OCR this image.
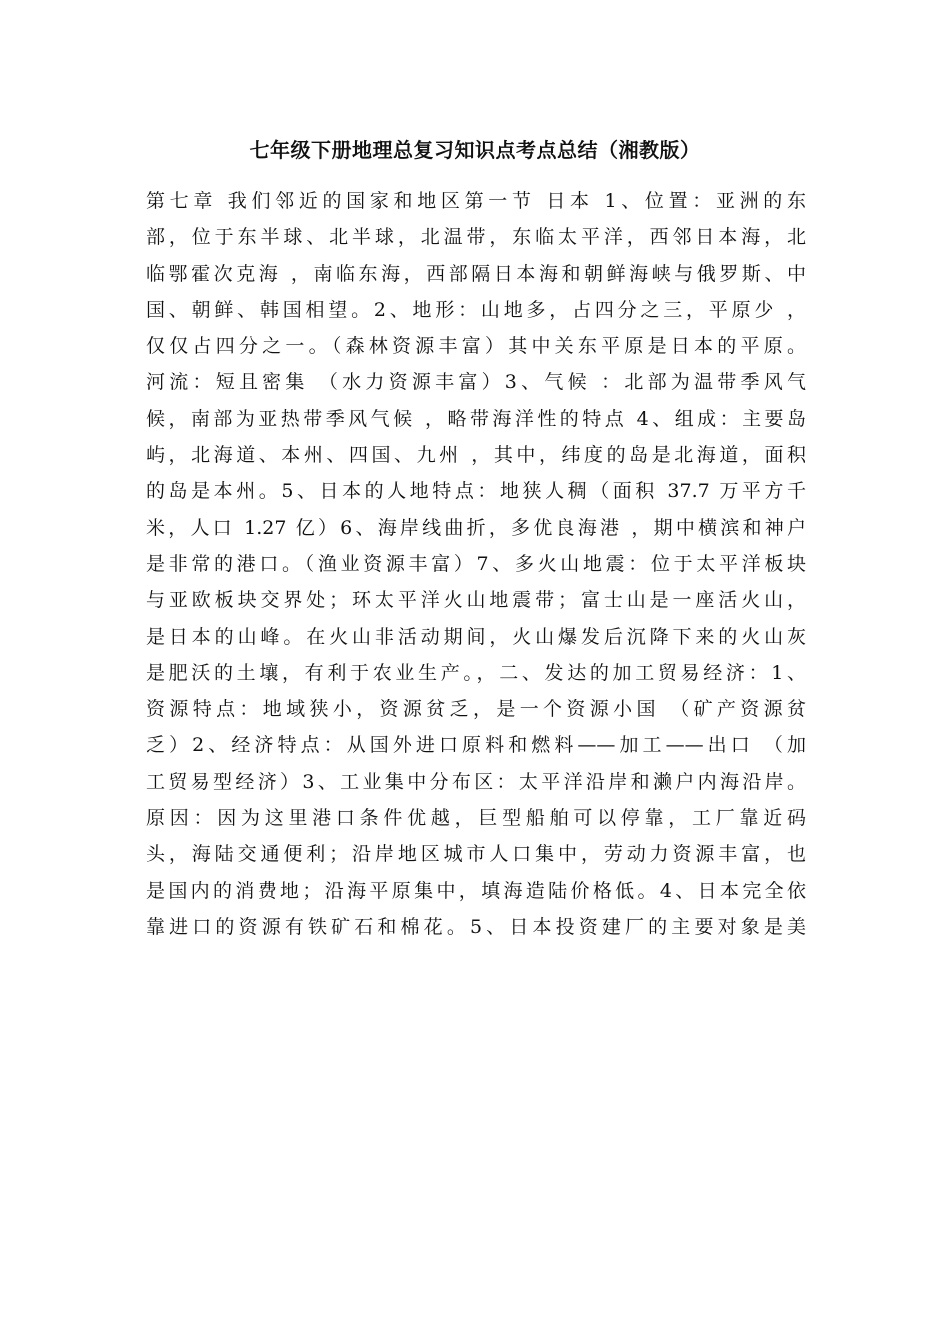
七年级下册地理总复习知识点考点总结（湘教版）
第七章 我们邻近的国家和地区第一节 日本 1、位置：亚洲的东
部，位于东半球、北半球，北温带，东临太平洋，西邻日本海，北
临鄂霍次克海 ，南临东海，西部隔日本海和朝鲜海峡与俄罗斯、中
国、朝鲜、韩国相望。2、地形：山地多，占四分之三，平原少 ，
仅仅占四分之一。（森林资源丰富）其中关东平原是日本的平原。
河流：短且密集 （水力资源丰富）3、气候 ：北部为温带季风气
候，南部为亚热带季风气候 ，略带海洋性的特点 4、组成：主要岛
屿，北海道、本州、四国、九州 ，其中，纬度的岛是北海道，面积
的岛是本州。5、日本的人地特点：地狭人稠（面积 37.7 万平方千
米，人口 1.27 亿）6、海岸线曲折，多优良海港 ，期中横滨和神户
是非常的港口。（渔业资源丰富）7、多火山地震：位于太平洋板块
与亚欧板块交界处；环太平洋火山地震带；富士山是一座活火山，
是日本的山峰。在火山非活动期间，火山爆发后沉降下来的火山灰
是肥沃的土壤，有利于农业生产。，二、发达的加工贸易经济：1、
资源特点：地域狭小，资源贫乏，是一个资源小国 （矿产资源贫
乏）2、经济特点：从国外进口原料和燃料——加工——出口 （加
工贸易型经济）3、工业集中分布区：太平洋沿岸和濑户内海沿岸。
原因：因为这里港口条件优越，巨型船舶可以停靠，工厂靠近码
头，海陆交通便利；沿岸地区城市人口集中，劳动力资源丰富，也
是国内的消费地；沿海平原集中，填海造陆价格低。4、日本完全依
靠进口的资源有铁矿石和棉花。5、日本投资建厂的主要对象是美
